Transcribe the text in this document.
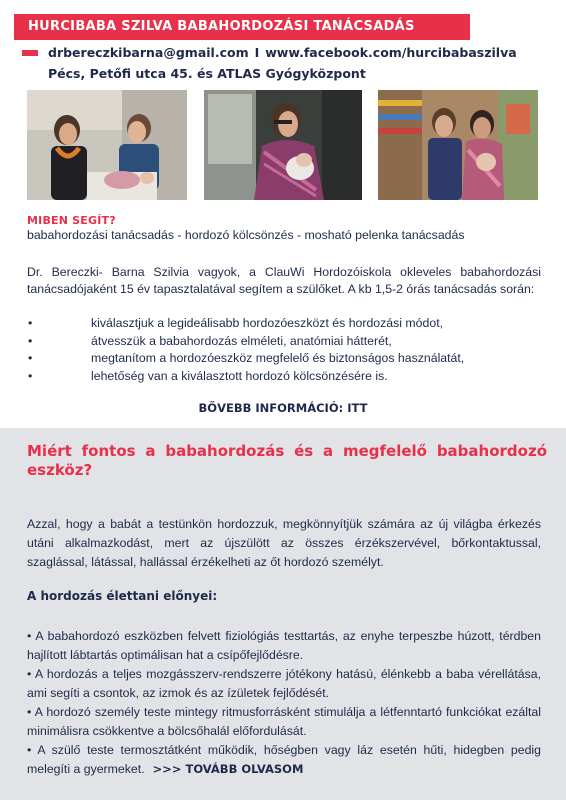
HURCIBABA SZILVA BABAHORDOZÁSI TANÁCSADÁS
drbereczkibarna@gmail.com I www.facebook.com/hurcibabaszilva
Pécs, Petőfi utca 45. és ATLAS Gyógyközpont
MIBEN SEGÍT?
babahordozási tanácsadás - hordozó kölcsönzés - mosható pelenka tanácsadás
Dr. Bereczki- Barna Szilvia vagyok, a ClauWi Hordozóiskola okleveles babahordozási tanácsadójaként 15 év tapasztalatával segítem a szülőket. A kb 1,5-2 órás tanácsadás során:
•	kiválasztjuk a legideálisabb hordozóeszközt és hordozási módot,
•	átvesszük a babahordozás elméleti, anatómiai hátterét,
•	megtanítom a hordozóeszköz megfelelő és biztonságos használatát,
•	lehetőség van a kiválasztott hordozó kölcsönzésére is.
BŐVEBB INFORMÁCIÓ: ITT
Miért fontos a babahordozás és a megfelelő babahordozó eszköz?
Azzal, hogy a babát a testünkön hordozzuk, megkönnyítjük számára az új világba érkezés utáni alkalmazkodást, mert az újszülött az összes érzékszervével, bőrkontaktussal, szaglással, látással, hallással érzékelheti az őt hordozó személyt.
A hordozás élettani előnyei:

• A babahordozó eszközben felvett fiziológiás testtartás, az enyhe terpeszbe húzott, térdben hajlított lábtartás optimálisan hat a csípőfejlődésre.

• A hordozás a teljes mozgásszerv-rendszerre jótékony hatású, élénkebb a baba vérellátása, ami segíti a csontok, az izmok és az ízületek fejlődését.

• A hordozó személy teste mintegy ritmusforrásként stimulálja a létfenntartó funkciókat ezáltal minimálisra csökkentve a bölcsőhalál előfordulását.

• A szülő teste termosztátként működik, hőségben vagy láz esetén hűti, hidegben pedig melegíti a gyermeket. >>> TOVÁBB OLVASOM
